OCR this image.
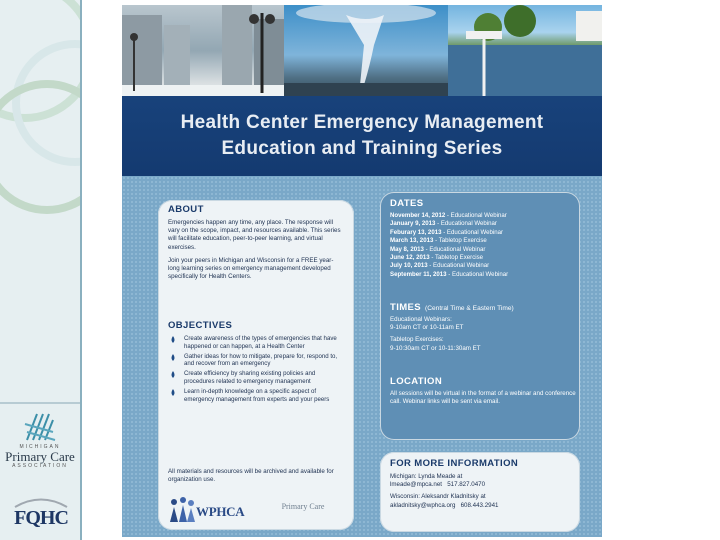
MICHIGAN
Primary Care
ASSOCIATION
FQHC
Health Center Emergency Management
Education and Training Series

ABOUT

Emergencies happen any time, any place. The response will vary on the scope, impact, and resources available. This series will facilitate education, peer-to-peer learning, and virtual exercises.

Join your peers in Michigan and Wisconsin for a FREE year-long learning series on emergency management developed specifically for Health Centers.

OBJECTIVES

Create awareness of the types of emergencies that have happened or can happen, at a Health Center
Gather ideas for how to mitigate, prepare for, respond to, and recover from an emergency
Create efficiency by sharing existing policies and procedures related to emergency management
Learn in-depth knowledge on a specific aspect of emergency management from experts and your peers

All materials and resources will be archived and available for organization use.

WPHCA	Primary Care

DATES

November 14, 2012 - Educational Webinar
January 9, 2013 - Educational Webinar
Feburary 13, 2013 - Educational Webinar
March 13, 2013 - Tabletop Exercise
May 8, 2013 - Educational Webinar
June 12, 2013 - Tabletop Exercise
July 10, 2013 - Educational Webinar
September 11, 2013 - Educational Webinar

TIMES (Central Time & Eastern Time)

Educational Webinars:

9-10am CT or 10-11am ET

Tabletop Exercises:

9-10:30am CT or 10-11:30am ET

LOCATION

All sessions will be virtual in the format of a webinar and conference call. Webinar links will be sent via email.

FOR MORE INFORMATION

Michigan: Lynda Meade at

lmeade@mpca.net 517.827.0470

Wisconsin: Aleksandr Kladnitsky at

akladnitsky@wphca.org 608.443.2941
